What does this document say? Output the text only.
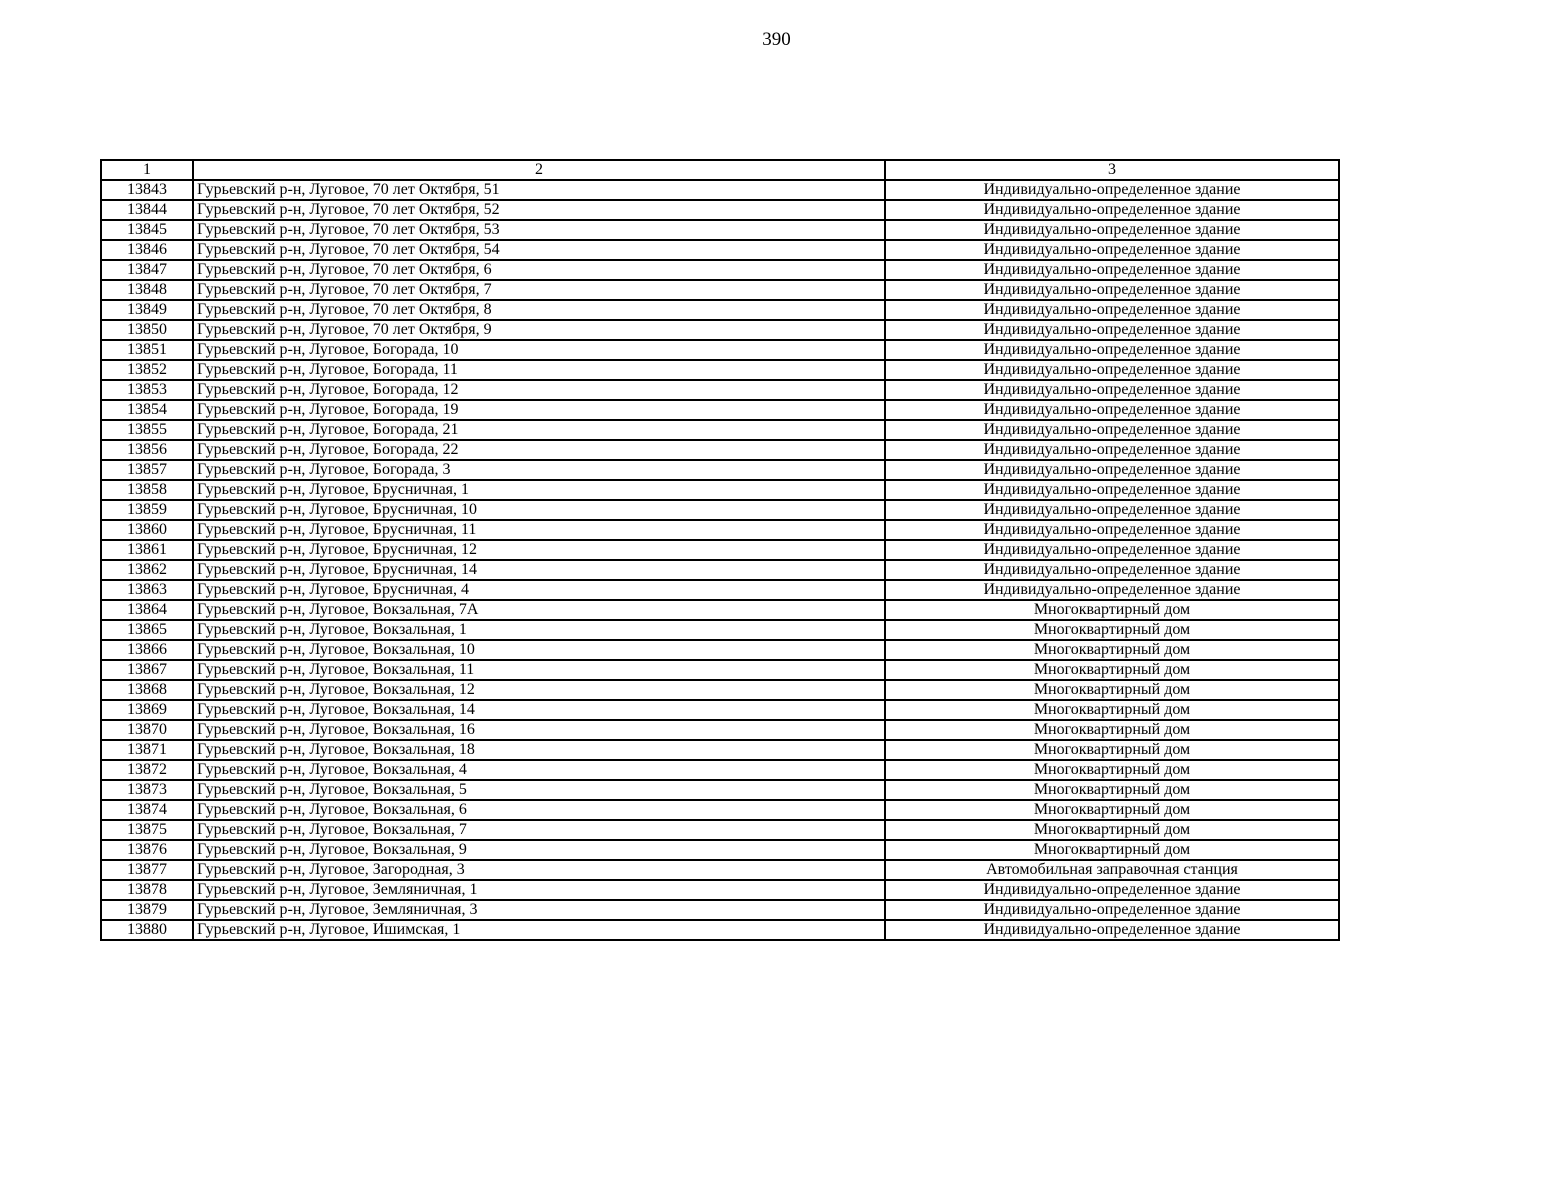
390
1	2	3
13843	Гурьевский р-н, Луговое, 70 лет Октября, 51	Индивидуально-определенное здание
13844	Гурьевский р-н, Луговое, 70 лет Октября, 52	Индивидуально-определенное здание
13845	Гурьевский р-н, Луговое, 70 лет Октября, 53	Индивидуально-определенное здание
13846	Гурьевский р-н, Луговое, 70 лет Октября, 54	Индивидуально-определенное здание
13847	Гурьевский р-н, Луговое, 70 лет Октября, 6	Индивидуально-определенное здание
13848	Гурьевский р-н, Луговое, 70 лет Октября, 7	Индивидуально-определенное здание
13849	Гурьевский р-н, Луговое, 70 лет Октября, 8	Индивидуально-определенное здание
13850	Гурьевский р-н, Луговое, 70 лет Октября, 9	Индивидуально-определенное здание
13851	Гурьевский р-н, Луговое, Богорада, 10	Индивидуально-определенное здание
13852	Гурьевский р-н, Луговое, Богорада, 11	Индивидуально-определенное здание
13853	Гурьевский р-н, Луговое, Богорада, 12	Индивидуально-определенное здание
13854	Гурьевский р-н, Луговое, Богорада, 19	Индивидуально-определенное здание
13855	Гурьевский р-н, Луговое, Богорада, 21	Индивидуально-определенное здание
13856	Гурьевский р-н, Луговое, Богорада, 22	Индивидуально-определенное здание
13857	Гурьевский р-н, Луговое, Богорада, 3	Индивидуально-определенное здание
13858	Гурьевский р-н, Луговое, Брусничная, 1	Индивидуально-определенное здание
13859	Гурьевский р-н, Луговое, Брусничная, 10	Индивидуально-определенное здание
13860	Гурьевский р-н, Луговое, Брусничная, 11	Индивидуально-определенное здание
13861	Гурьевский р-н, Луговое, Брусничная, 12	Индивидуально-определенное здание
13862	Гурьевский р-н, Луговое, Брусничная, 14	Индивидуально-определенное здание
13863	Гурьевский р-н, Луговое, Брусничная, 4	Индивидуально-определенное здание
13864	Гурьевский р-н, Луговое, Вокзальная, 7А	Многоквартирный дом
13865	Гурьевский р-н, Луговое, Вокзальная, 1	Многоквартирный дом
13866	Гурьевский р-н, Луговое, Вокзальная, 10	Многоквартирный дом
13867	Гурьевский р-н, Луговое, Вокзальная, 11	Многоквартирный дом
13868	Гурьевский р-н, Луговое, Вокзальная, 12	Многоквартирный дом
13869	Гурьевский р-н, Луговое, Вокзальная, 14	Многоквартирный дом
13870	Гурьевский р-н, Луговое, Вокзальная, 16	Многоквартирный дом
13871	Гурьевский р-н, Луговое, Вокзальная, 18	Многоквартирный дом
13872	Гурьевский р-н, Луговое, Вокзальная, 4	Многоквартирный дом
13873	Гурьевский р-н, Луговое, Вокзальная, 5	Многоквартирный дом
13874	Гурьевский р-н, Луговое, Вокзальная, 6	Многоквартирный дом
13875	Гурьевский р-н, Луговое, Вокзальная, 7	Многоквартирный дом
13876	Гурьевский р-н, Луговое, Вокзальная, 9	Многоквартирный дом
13877	Гурьевский р-н, Луговое, Загородная, 3	Автомобильная заправочная станция
13878	Гурьевский р-н, Луговое, Земляничная, 1	Индивидуально-определенное здание
13879	Гурьевский р-н, Луговое, Земляничная, 3	Индивидуально-определенное здание
13880	Гурьевский р-н, Луговое, Ишимская, 1	Индивидуально-определенное здание
